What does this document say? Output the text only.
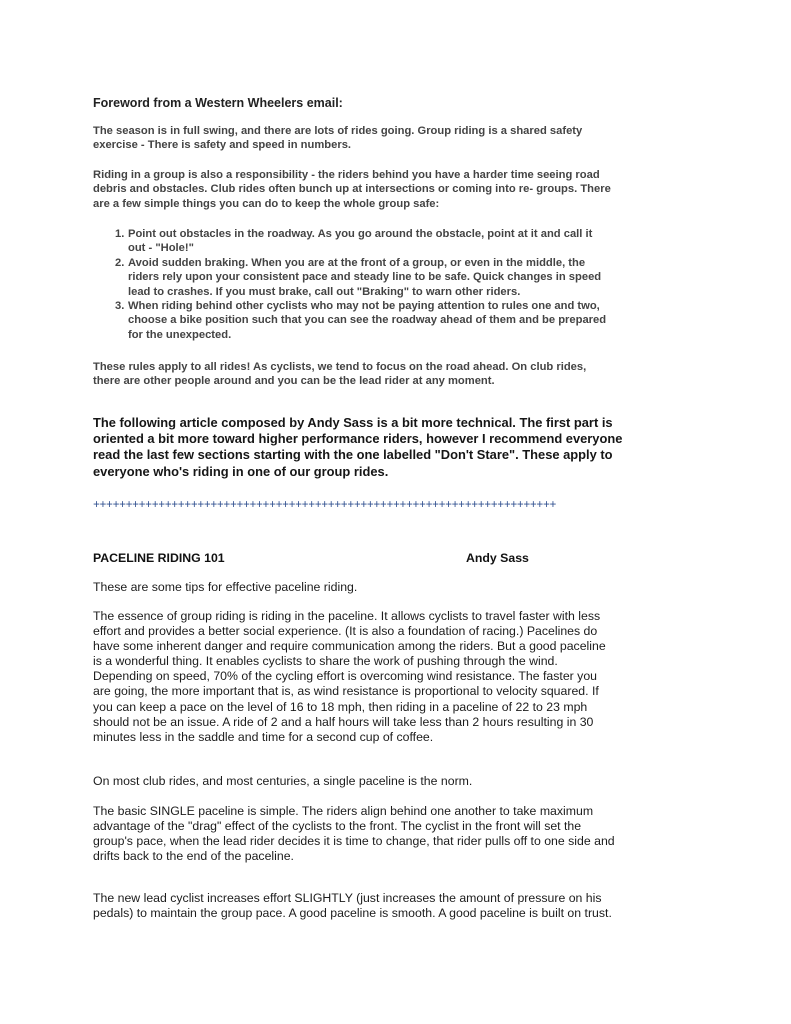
Foreword from a Western Wheelers email:
The season is in full swing, and there are lots of rides going. Group riding is a shared safety
exercise - There is safety and speed in numbers.
Riding in a group is also a responsibility - the riders behind you have a harder time seeing road
debris and obstacles. Club rides often bunch up at intersections or coming into re- groups. There
are a few simple things you can do to keep the whole group safe:
1. Point out obstacles in the roadway. As you go around the obstacle, point at it and call it
out - "Hole!"
2. Avoid sudden braking. When you are at the front of a group, or even in the middle, the
riders rely upon your consistent pace and steady line to be safe. Quick changes in speed
lead to crashes. If you must brake, call out "Braking" to warn other riders.
3. When riding behind other cyclists who may not be paying attention to rules one and two,
choose a bike position such that you can see the roadway ahead of them and be prepared
for the unexpected.
These rules apply to all rides! As cyclists, we tend to focus on the road ahead. On club rides,
there are other people around and you can be the lead rider at any moment.
The following article composed by Andy Sass is a bit more technical. The first part is
oriented a bit more toward higher performance riders, however I recommend everyone
read the last few sections starting with the one labelled "Don't Stare". These apply to
everyone who's riding in one of our group rides.
+++++++++++++++++++++++++++++++++++++++++++++++++++++++++++++++++++++++
PACELINE RIDING 101	Andy Sass
These are some tips for effective paceline riding.
The essence of group riding is riding in the paceline. It allows cyclists to travel faster with less
effort and provides a better social experience. (It is also a foundation of racing.) Pacelines do
have some inherent danger and require communication among the riders. But a good paceline
is a wonderful thing. It enables cyclists to share the work of pushing through the wind.
Depending on speed, 70% of the cycling effort is overcoming wind resistance. The faster you
are going, the more important that is, as wind resistance is proportional to velocity squared. If
you can keep a pace on the level of 16 to 18 mph, then riding in a paceline of 22 to 23 mph
should not be an issue. A ride of 2 and a half hours will take less than 2 hours resulting in 30
minutes less in the saddle and time for a second cup of coffee.
On most club rides, and most centuries, a single paceline is the norm.
The basic SINGLE paceline is simple. The riders align behind one another to take maximum
advantage of the "drag" effect of the cyclists to the front. The cyclist in the front will set the
group's pace, when the lead rider decides it is time to change, that rider pulls off to one side and
drifts back to the end of the paceline.
The new lead cyclist increases effort SLIGHTLY (just increases the amount of pressure on his
pedals) to maintain the group pace. A good paceline is smooth. A good paceline is built on trust.
